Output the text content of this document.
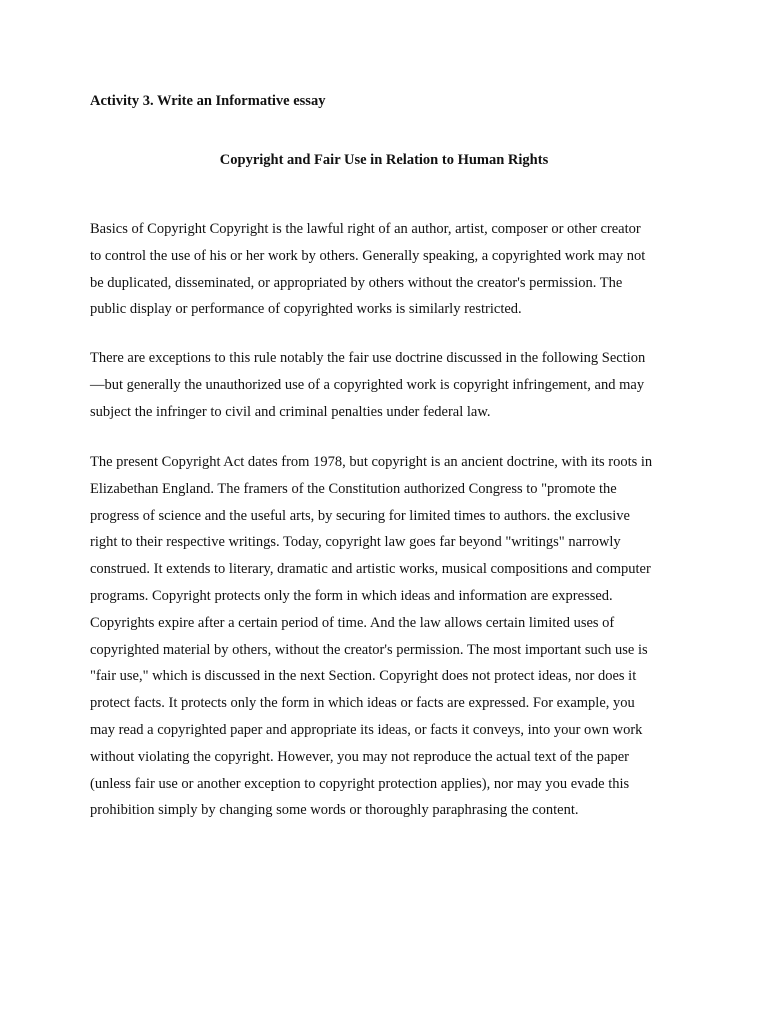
Activity 3. Write an Informative essay
Copyright and Fair Use in Relation to Human Rights
Basics of Copyright Copyright is the lawful right of an author, artist, composer or other creator
to control the use of his or her work by others. Generally speaking, a copyrighted work may not
be duplicated, disseminated, or appropriated by others without the creator's permission. The
public display or performance of copyrighted works is similarly restricted.
There are exceptions to this rule notably the fair use doctrine discussed in the following Section
—but generally the unauthorized use of a copyrighted work is copyright infringement, and may
subject the infringer to civil and criminal penalties under federal law.
The present Copyright Act dates from 1978, but copyright is an ancient doctrine, with its roots in
Elizabethan England. The framers of the Constitution authorized Congress to "promote the
progress of science and the useful arts, by securing for limited times to authors. the exclusive
right to their respective writings. Today, copyright law goes far beyond "writings" narrowly
construed. It extends to literary, dramatic and artistic works, musical compositions and computer
programs. Copyright protects only the form in which ideas and information are expressed.
Copyrights expire after a certain period of time. And the law allows certain limited uses of
copyrighted material by others, without the creator's permission. The most important such use is
"fair use," which is discussed in the next Section. Copyright does not protect ideas, nor does it
protect facts. It protects only the form in which ideas or facts are expressed. For example, you
may read a copyrighted paper and appropriate its ideas, or facts it conveys, into your own work
without violating the copyright. However, you may not reproduce the actual text of the paper
(unless fair use or another exception to copyright protection applies), nor may you evade this
prohibition simply by changing some words or thoroughly paraphrasing the content.
